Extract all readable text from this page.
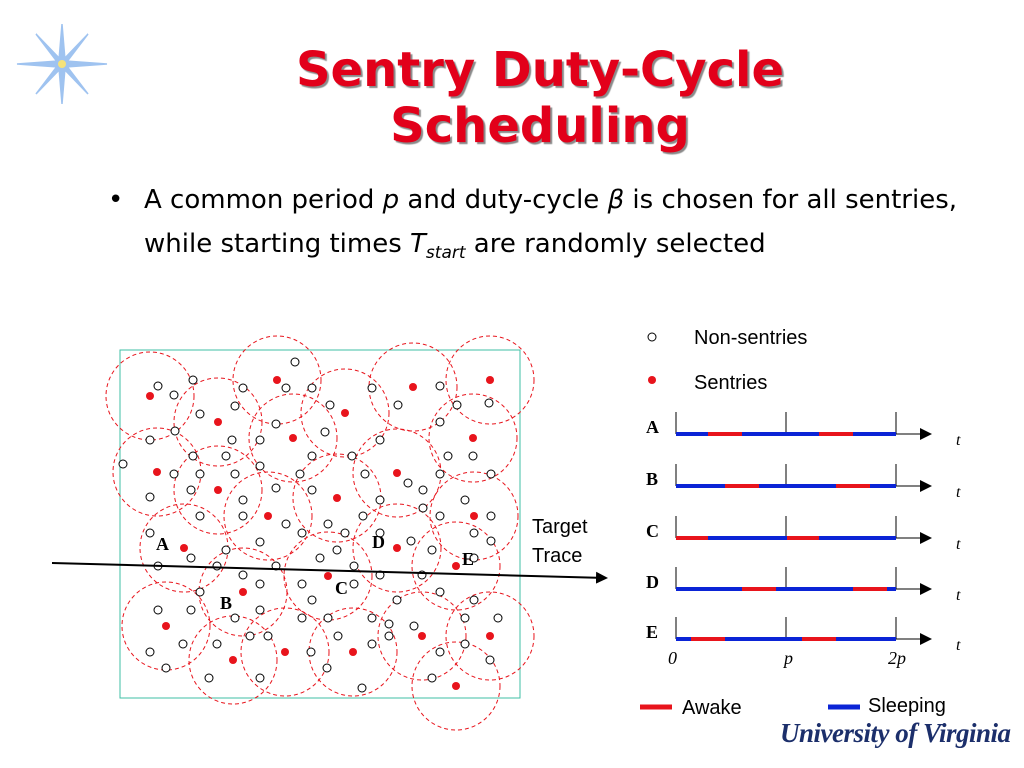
Sentry Duty-Cycle
Scheduling
• A common period p and duty-cycle β is chosen for all sentries, while starting times $T_{start}$ are randomly selected
A
B
C
D
E
Target
Trace
Non-sentries
Sentries
A
t
B
t
C
t
D
t
E
t
0	p	2p
Awake	Sleeping
University of Virginia
